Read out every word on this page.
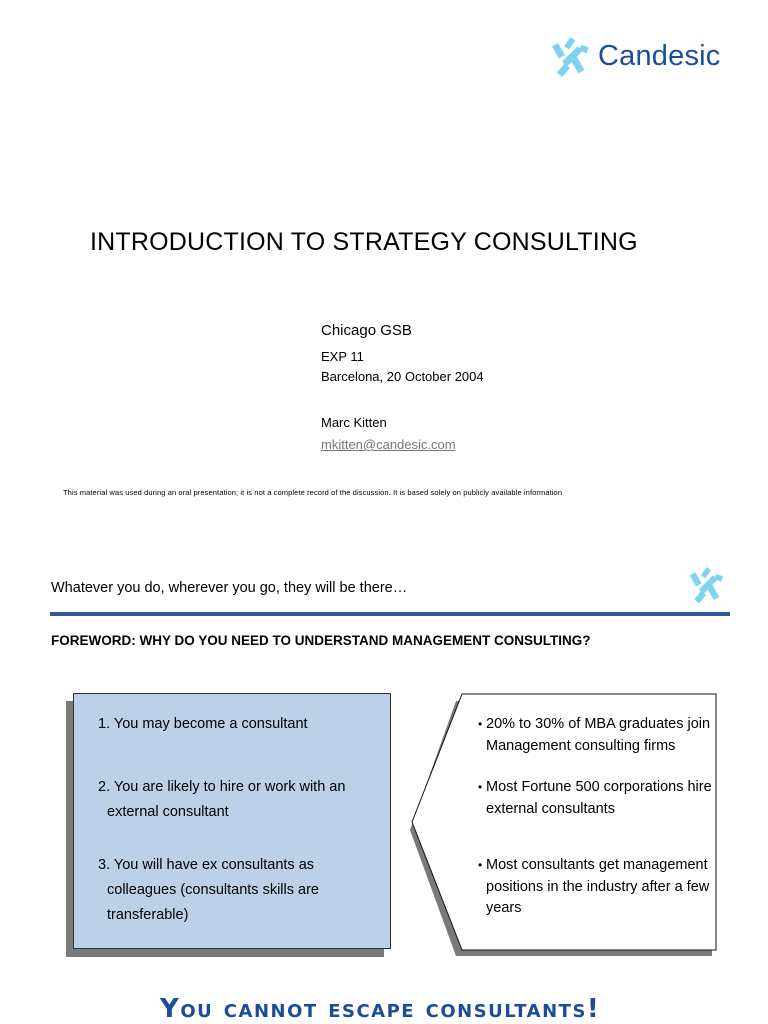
Candesic
INTRODUCTION TO STRATEGY CONSULTING
Chicago GSB
EXP 11
Barcelona, 20 October 2004
Marc Kitten
mkitten@candesic.com
This material was used during an oral presentation; it is not a complete record of the discussion. It is based solely on publicly available information
Whatever you do, wherever you go, they will be there…
FOREWORD: WHY DO YOU NEED TO UNDERSTAND MANAGEMENT CONSULTING?
1. You may become a consultant
2. You are likely to hire or work with an
external consultant
3. You will have ex consultants as
colleagues (consultants skills are
transferable)
• 20% to 30% of MBA graduates join Management consulting firms
• Most Fortune 500 corporations hire external consultants
• Most consultants get management positions in the industry after a few years
You cannot escape consultants!
